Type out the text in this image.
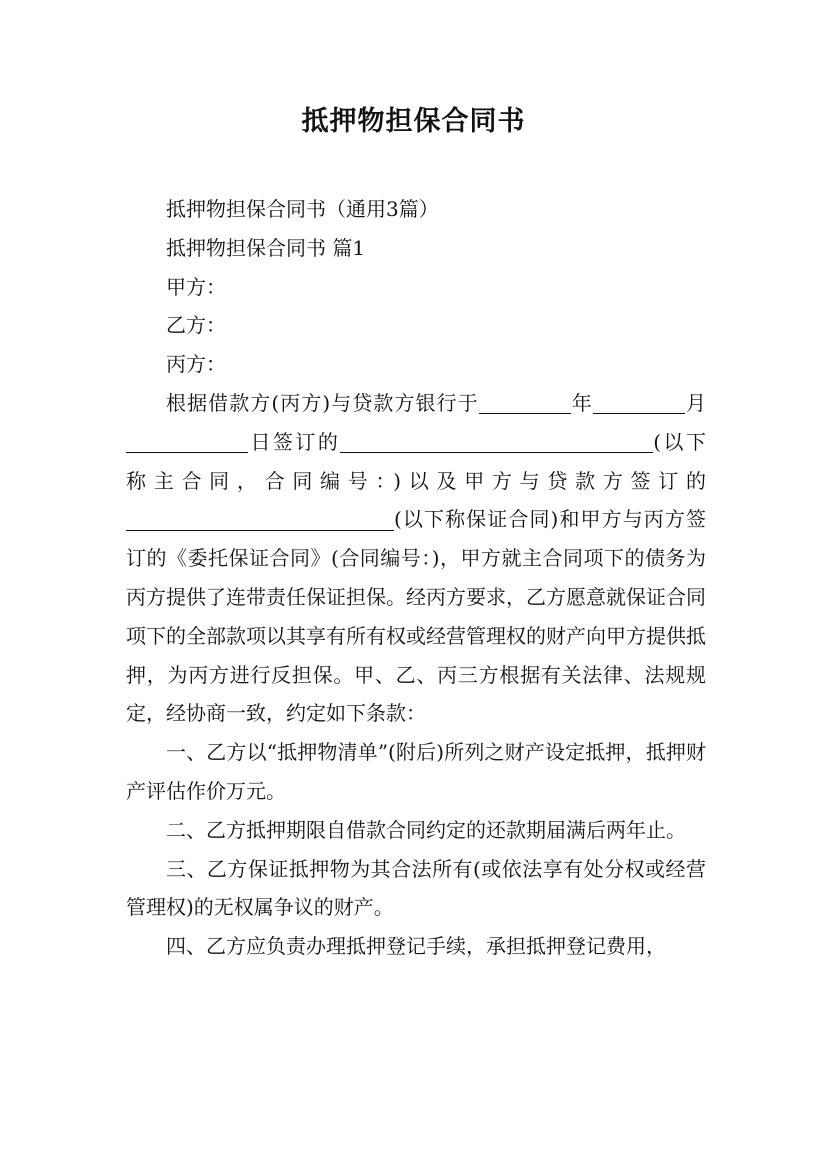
抵押物担保合同书

抵押物担保合同书（通用3篇）

抵押物担保合同书 篇1

甲方：

乙方：

丙方：

根据借款方(丙方)与贷款方银行于	年	月日签订的	(以下称主合同，合同编号：)以及甲方与贷款方签订的(以下称保证合同)和甲方与丙方签订的《委托保证合同》(合同编号：)，甲方就主合同项下的债务为丙方提供了连带责任保证担保。经丙方要求，乙方愿意就保证合同项下的全部款项以其享有所有权或经营管理权的财产向甲方提供抵押，为丙方进行反担保。甲、乙、丙三方根据有关法律、法规规定，经协商一致，约定如下条款：

一、乙方以“抵押物清单”(附后)所列之财产设定抵押，抵押财产评估作价万元。

二、乙方抵押期限自借款合同约定的还款期届满后两年止。

三、乙方保证抵押物为其合法所有(或依法享有处分权或经营管理权)的无权属争议的财产。

四、乙方应负责办理抵押登记手续，承担抵押登记费用，
